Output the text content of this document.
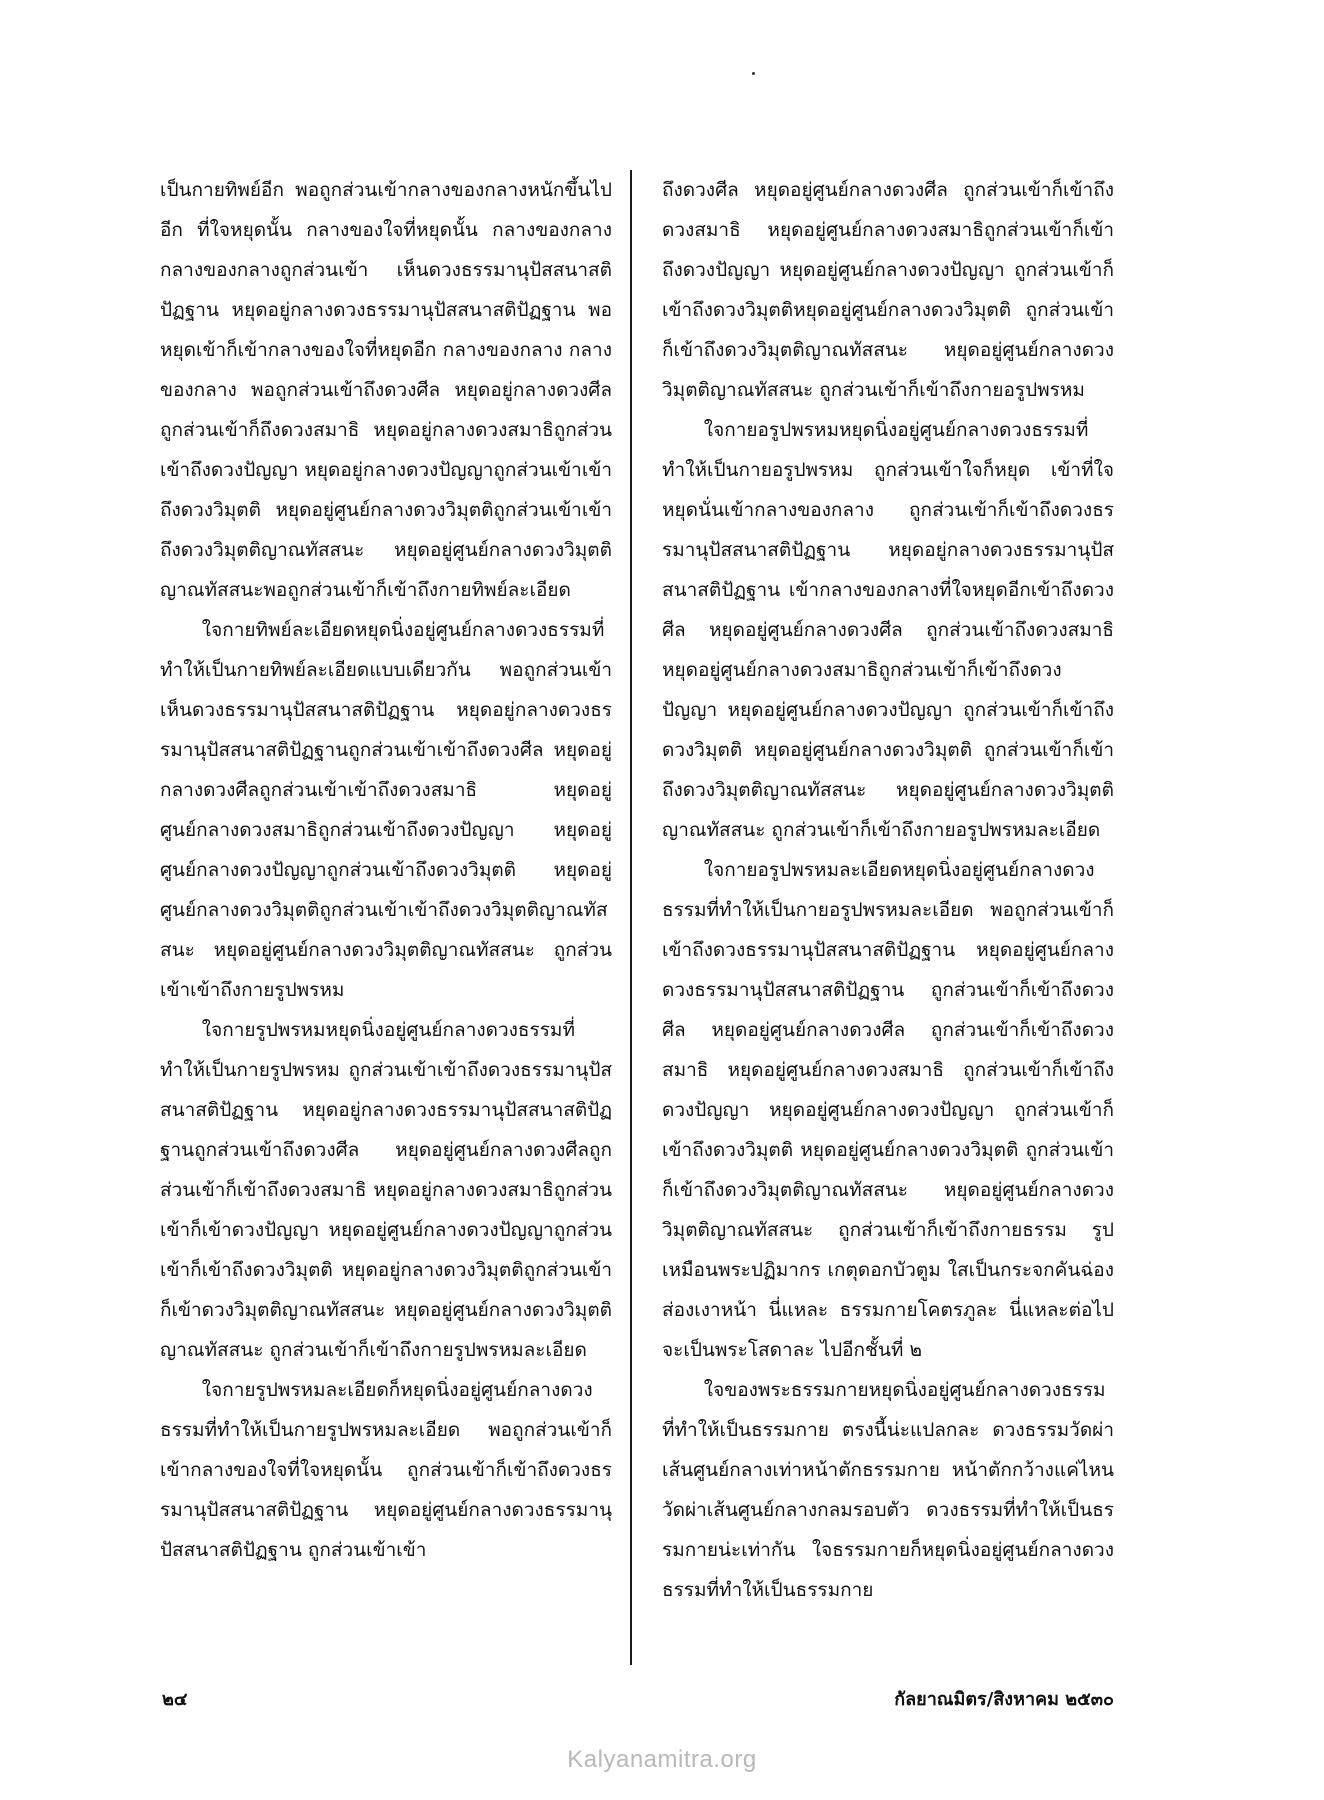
เป็นกายทิพย์อีก พอถูกส่วนเข้ากลางของกลางหนักขึ้นไปอีก ที่ใจหยุดนั้น กลางของใจที่หยุดนั้น กลางของกลาง กลางของกลางถูกส่วนเข้า เห็นดวงธรรมานุปัสสนาสติปัฏฐาน หยุดอยู่กลางดวงธรรมานุปัสสนาสติปัฏฐาน พอหยุดเข้าก็เข้ากลางของใจที่หยุดอีก กลางของกลาง กลางของกลาง พอถูกส่วนเข้าถึงดวงศีล หยุดอยู่กลางดวงศีลถูกส่วนเข้าก็ถึงดวงสมาธิ หยุดอยู่กลางดวงสมาธิถูกส่วนเข้าถึงดวงปัญญา หยุดอยู่กลางดวงปัญญาถูกส่วนเข้าเข้าถึงดวงวิมุตติ หยุดอยู่ศูนย์กลางดวงวิมุตติถูกส่วนเข้าเข้าถึงดวงวิมุตติญาณทัสสนะ หยุดอยู่ศูนย์กลางดวงวิมุตติญาณทัสสนะพอถูกส่วนเข้าก็เข้าถึงกายทิพย์ละเอียด

ใจกายทิพย์ละเอียดหยุดนิ่งอยู่ศูนย์กลางดวงธรรมที่ทำให้เป็นกายทิพย์ละเอียดแบบเดียวกัน พอถูกส่วนเข้าเห็นดวงธรรมานุปัสสนาสติปัฏฐาน หยุดอยู่กลางดวงธรรมานุปัสสนาสติปัฏฐานถูกส่วนเข้าเข้าถึงดวงศีล หยุดอยู่กลางดวงศีลถูกส่วนเข้าเข้าถึงดวงสมาธิ หยุดอยู่ศูนย์กลางดวงสมาธิถูกส่วนเข้าถึงดวงปัญญา หยุดอยู่ศูนย์กลางดวงปัญญาถูกส่วนเข้าถึงดวงวิมุตติ หยุดอยู่ศูนย์กลางดวงวิมุตติถูกส่วนเข้าเข้าถึงดวงวิมุตติญาณทัสสนะ หยุดอยู่ศูนย์กลางดวงวิมุตติญาณทัสสนะ ถูกส่วนเข้าเข้าถึงกายรูปพรหม

ใจกายรูปพรหมหยุดนิ่งอยู่ศูนย์กลางดวงธรรมที่ทำให้เป็นกายรูปพรหม ถูกส่วนเข้าเข้าถึงดวงธรรมานุปัสสนาสติปัฏฐาน หยุดอยู่กลางดวงธรรมานุปัสสนาสติปัฏฐานถูกส่วนเข้าถึงดวงศีล หยุดอยู่ศูนย์กลางดวงศีลถูกส่วนเข้าก็เข้าถึงดวงสมาธิ หยุดอยู่กลางดวงสมาธิถูกส่วนเข้าก็เข้าดวงปัญญา หยุดอยู่ศูนย์กลางดวงปัญญาถูกส่วนเข้าก็เข้าถึงดวงวิมุตติ หยุดอยู่กลางดวงวิมุตติถูกส่วนเข้าก็เข้าดวงวิมุตติญาณทัสสนะ หยุดอยู่ศูนย์กลางดวงวิมุตติญาณทัสสนะ ถูกส่วนเข้าก็เข้าถึงกายรูปพรหมละเอียด

ใจกายรูปพรหมละเอียดก็หยุดนิ่งอยู่ศูนย์กลางดวงธรรมที่ทำให้เป็นกายรูปพรหมละเอียด พอถูกส่วนเข้าก็เข้ากลางของใจที่ใจหยุดนั้น ถูกส่วนเข้าก็เข้าถึงดวงธรรมานุปัสสนาสติปัฏฐาน หยุดอยู่ศูนย์กลางดวงธรรมานุปัสสนาสติปัฏฐาน ถูกส่วนเข้าเข้า

ถึงดวงศีล หยุดอยู่ศูนย์กลางดวงศีล ถูกส่วนเข้าก็เข้าถึงดวงสมาธิ หยุดอยู่ศูนย์กลางดวงสมาธิถูกส่วนเข้าก็เข้าถึงดวงปัญญา หยุดอยู่ศูนย์กลางดวงปัญญา ถูกส่วนเข้าก็เข้าถึงดวงวิมุตติหยุดอยู่ศูนย์กลางดวงวิมุตติ ถูกส่วนเข้าก็เข้าถึงดวงวิมุตติญาณทัสสนะ หยุดอยู่ศูนย์กลางดวงวิมุตติญาณทัสสนะ ถูกส่วนเข้าก็เข้าถึงกายอรูปพรหม

ใจกายอรูปพรหมหยุดนิ่งอยู่ศูนย์กลางดวงธรรมที่ทำให้เป็นกายอรูปพรหม ถูกส่วนเข้าใจก็หยุด เข้าที่ใจหยุดนั่นเข้ากลางของกลาง ถูกส่วนเข้าก็เข้าถึงดวงธรรมานุปัสสนาสติปัฏฐาน หยุดอยู่กลางดวงธรรมานุปัสสนาสติปัฏฐาน เข้ากลางของกลางที่ใจหยุดอีกเข้าถึงดวงศีล หยุดอยู่ศูนย์กลางดวงศีล ถูกส่วนเข้าถึงดวงสมาธิ หยุดอยู่ศูนย์กลางดวงสมาธิถูกส่วนเข้าก็เข้าถึงดวงปัญญา หยุดอยู่ศูนย์กลางดวงปัญญา ถูกส่วนเข้าก็เข้าถึงดวงวิมุตติ หยุดอยู่ศูนย์กลางดวงวิมุตติ ถูกส่วนเข้าก็เข้าถึงดวงวิมุตติญาณทัสสนะ หยุดอยู่ศูนย์กลางดวงวิมุตติญาณทัสสนะ ถูกส่วนเข้าก็เข้าถึงกายอรูปพรหมละเอียด

ใจกายอรูปพรหมละเอียดหยุดนิ่งอยู่ศูนย์กลางดวงธรรมที่ทำให้เป็นกายอรูปพรหมละเอียด พอถูกส่วนเข้าก็เข้าถึงดวงธรรมานุปัสสนาสติปัฏฐาน หยุดอยู่ศูนย์กลางดวงธรรมานุปัสสนาสติปัฏฐาน ถูกส่วนเข้าก็เข้าถึงดวงศีล หยุดอยู่ศูนย์กลางดวงศีล ถูกส่วนเข้าก็เข้าถึงดวงสมาธิ หยุดอยู่ศูนย์กลางดวงสมาธิ ถูกส่วนเข้าก็เข้าถึงดวงปัญญา หยุดอยู่ศูนย์กลางดวงปัญญา ถูกส่วนเข้าก็เข้าถึงดวงวิมุตติ หยุดอยู่ศูนย์กลางดวงวิมุตติ ถูกส่วนเข้าก็เข้าถึงดวงวิมุตติญาณทัสสนะ หยุดอยู่ศูนย์กลางดวงวิมุตติญาณทัสสนะ ถูกส่วนเข้าก็เข้าถึงกายธรรม รูปเหมือนพระปฏิมากร เกตุดอกบัวตูม ใสเป็นกระจกคันฉ่องส่องเงาหน้า นี่แหละ ธรรมกายโคตรภูละ นี่แหละต่อไปจะเป็นพระโสดาละ ไปอีกชั้นที่ ๒

ใจของพระธรรมกายหยุดนิ่งอยู่ศูนย์กลางดวงธรรมที่ทำให้เป็นธรรมกาย ตรงนี้น่ะแปลกละ ดวงธรรมวัดผ่าเส้นศูนย์กลางเท่าหน้าตักธรรมกาย หน้าตักกว้างแค่ไหนวัดผ่าเส้นศูนย์กลางกลมรอบตัว ดวงธรรมที่ทำให้เป็นธรรมกายน่ะเท่ากัน ใจธรรมกายก็หยุดนิ่งอยู่ศูนย์กลางดวงธรรมที่ทำให้เป็นธรรมกาย

๒๔	กัลยาณมิตร/สิงหาคม ๒๕๓๐
Kalyanamitra.org
